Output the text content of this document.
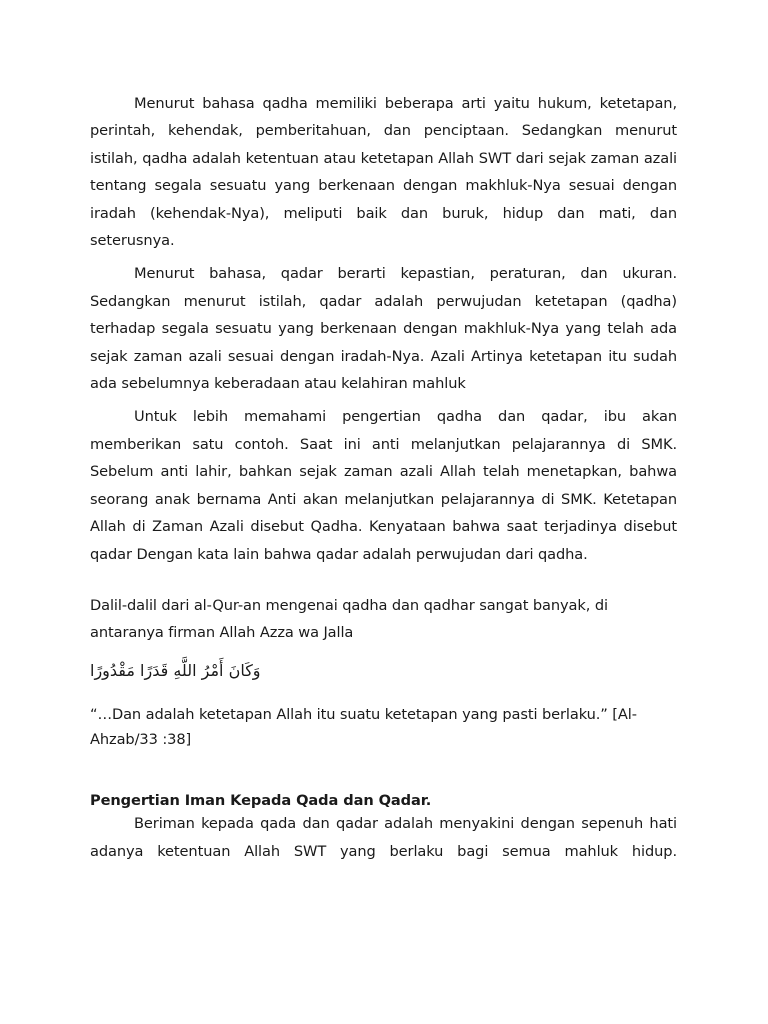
Menurut bahasa qadha memiliki beberapa arti yaitu hukum, ketetapan, perintah, kehendak, pemberitahuan, dan penciptaan. Sedangkan menurut istilah, qadha adalah ketentuan atau ketetapan Allah SWT dari sejak zaman azali tentang segala sesuatu yang berkenaan dengan makhluk-Nya sesuai dengan iradah (kehendak-Nya), meliputi baik dan buruk, hidup dan mati, dan seterusnya.

Menurut bahasa, qadar berarti kepastian, peraturan, dan ukuran. Sedangkan menurut istilah, qadar adalah perwujudan ketetapan (qadha) terhadap segala sesuatu yang berkenaan dengan makhluk-Nya yang telah ada sejak zaman azali sesuai dengan iradah-Nya. Azali Artinya ketetapan itu sudah ada sebelumnya keberadaan atau kelahiran mahluk

Untuk lebih memahami pengertian qadha dan qadar, ibu akan memberikan satu contoh. Saat ini anti melanjutkan pelajarannya di SMK. Sebelum anti lahir, bahkan sejak zaman azali Allah telah menetapkan, bahwa seorang anak bernama Anti akan melanjutkan pelajarannya di SMK. Ketetapan Allah di Zaman Azali disebut Qadha. Kenyataan bahwa saat terjadinya disebut qadar Dengan kata lain bahwa qadar adalah perwujudan dari qadha.

Dalil-dalil dari al-Qur-an mengenai qadha dan qadhar sangat banyak, di antaranya firman Allah Azza wa Jalla

وَكَانَ أَمْرُ اللَّهِ قَدَرًا مَقْدُورًا

“…Dan adalah ketetapan Allah itu suatu ketetapan yang pasti berlaku.” [Al-Ahzab/33 :38]

Pengertian Iman Kepada Qada dan Qadar.

Beriman kepada qada dan qadar adalah menyakini dengan sepenuh hati adanya ketentuan Allah SWT yang berlaku bagi semua mahluk hidup.
